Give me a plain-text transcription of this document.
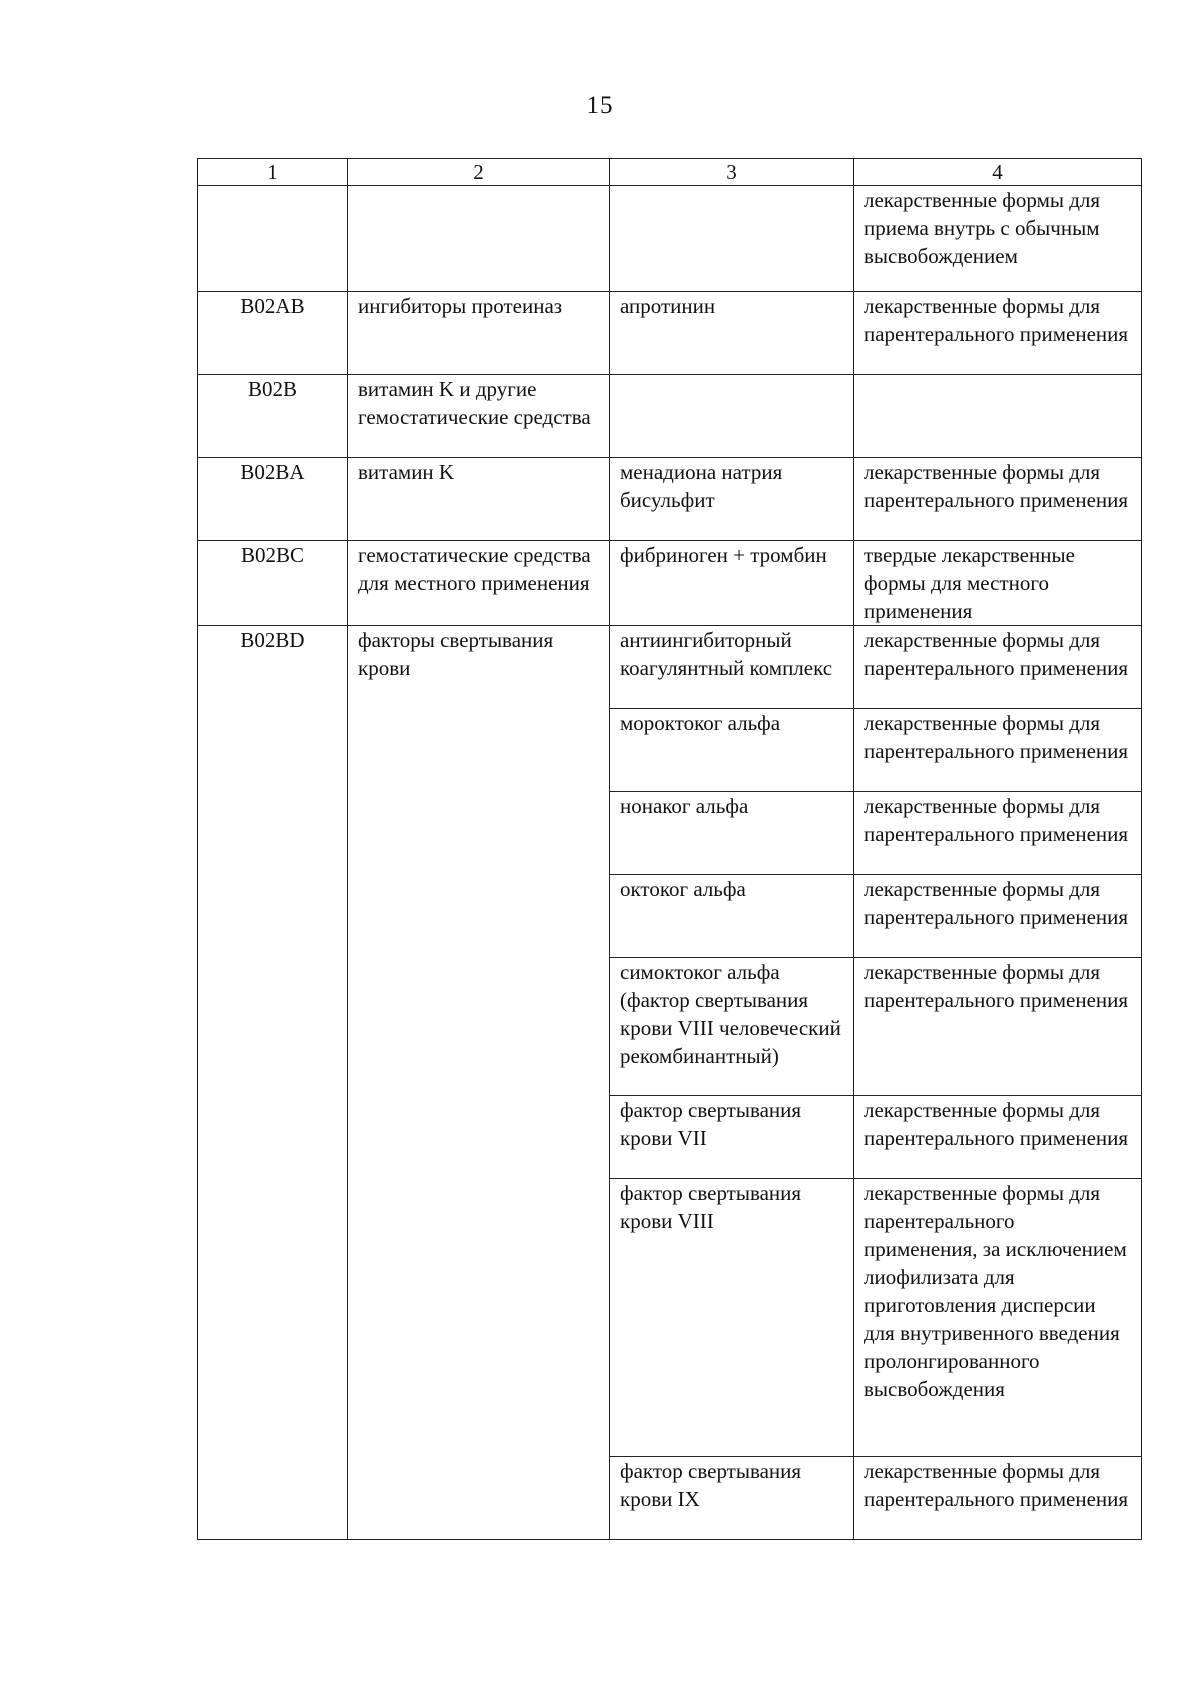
15
1	2	3	4
			лекарственные формы для приема внутрь с обычным высвобождением
B02AB	ингибиторы протеиназ	апротинин	лекарственные формы для парентерального применения
B02B	витамин K и другие гемостатические средства		
B02BA	витамин K	менадиона натрия бисульфит	лекарственные формы для парентерального применения
B02BC	гемостатические средства для местного применения	фибриноген + тромбин	твердые лекарственные формы для местного применения
B02BD	факторы свертывания крови	антиингибиторный коагулянтный комплекс	лекарственные формы для парентерального применения
		мороктоког альфа	лекарственные формы для парентерального применения
		нонаког альфа	лекарственные формы для парентерального применения
		октоког альфа	лекарственные формы для парентерального применения
		симоктоког альфа (фактор свертывания крови VIII человеческий рекомбинантный)	лекарственные формы для парентерального применения
		фактор свертывания крови VII	лекарственные формы для парентерального применения
		фактор свертывания крови VIII	лекарственные формы для парентерального применения, за исключением лиофилизата для приготовления дисперсии для внутривенного введения пролонгированного высвобождения
		фактор свертывания крови IX	лекарственные формы для парентерального применения
